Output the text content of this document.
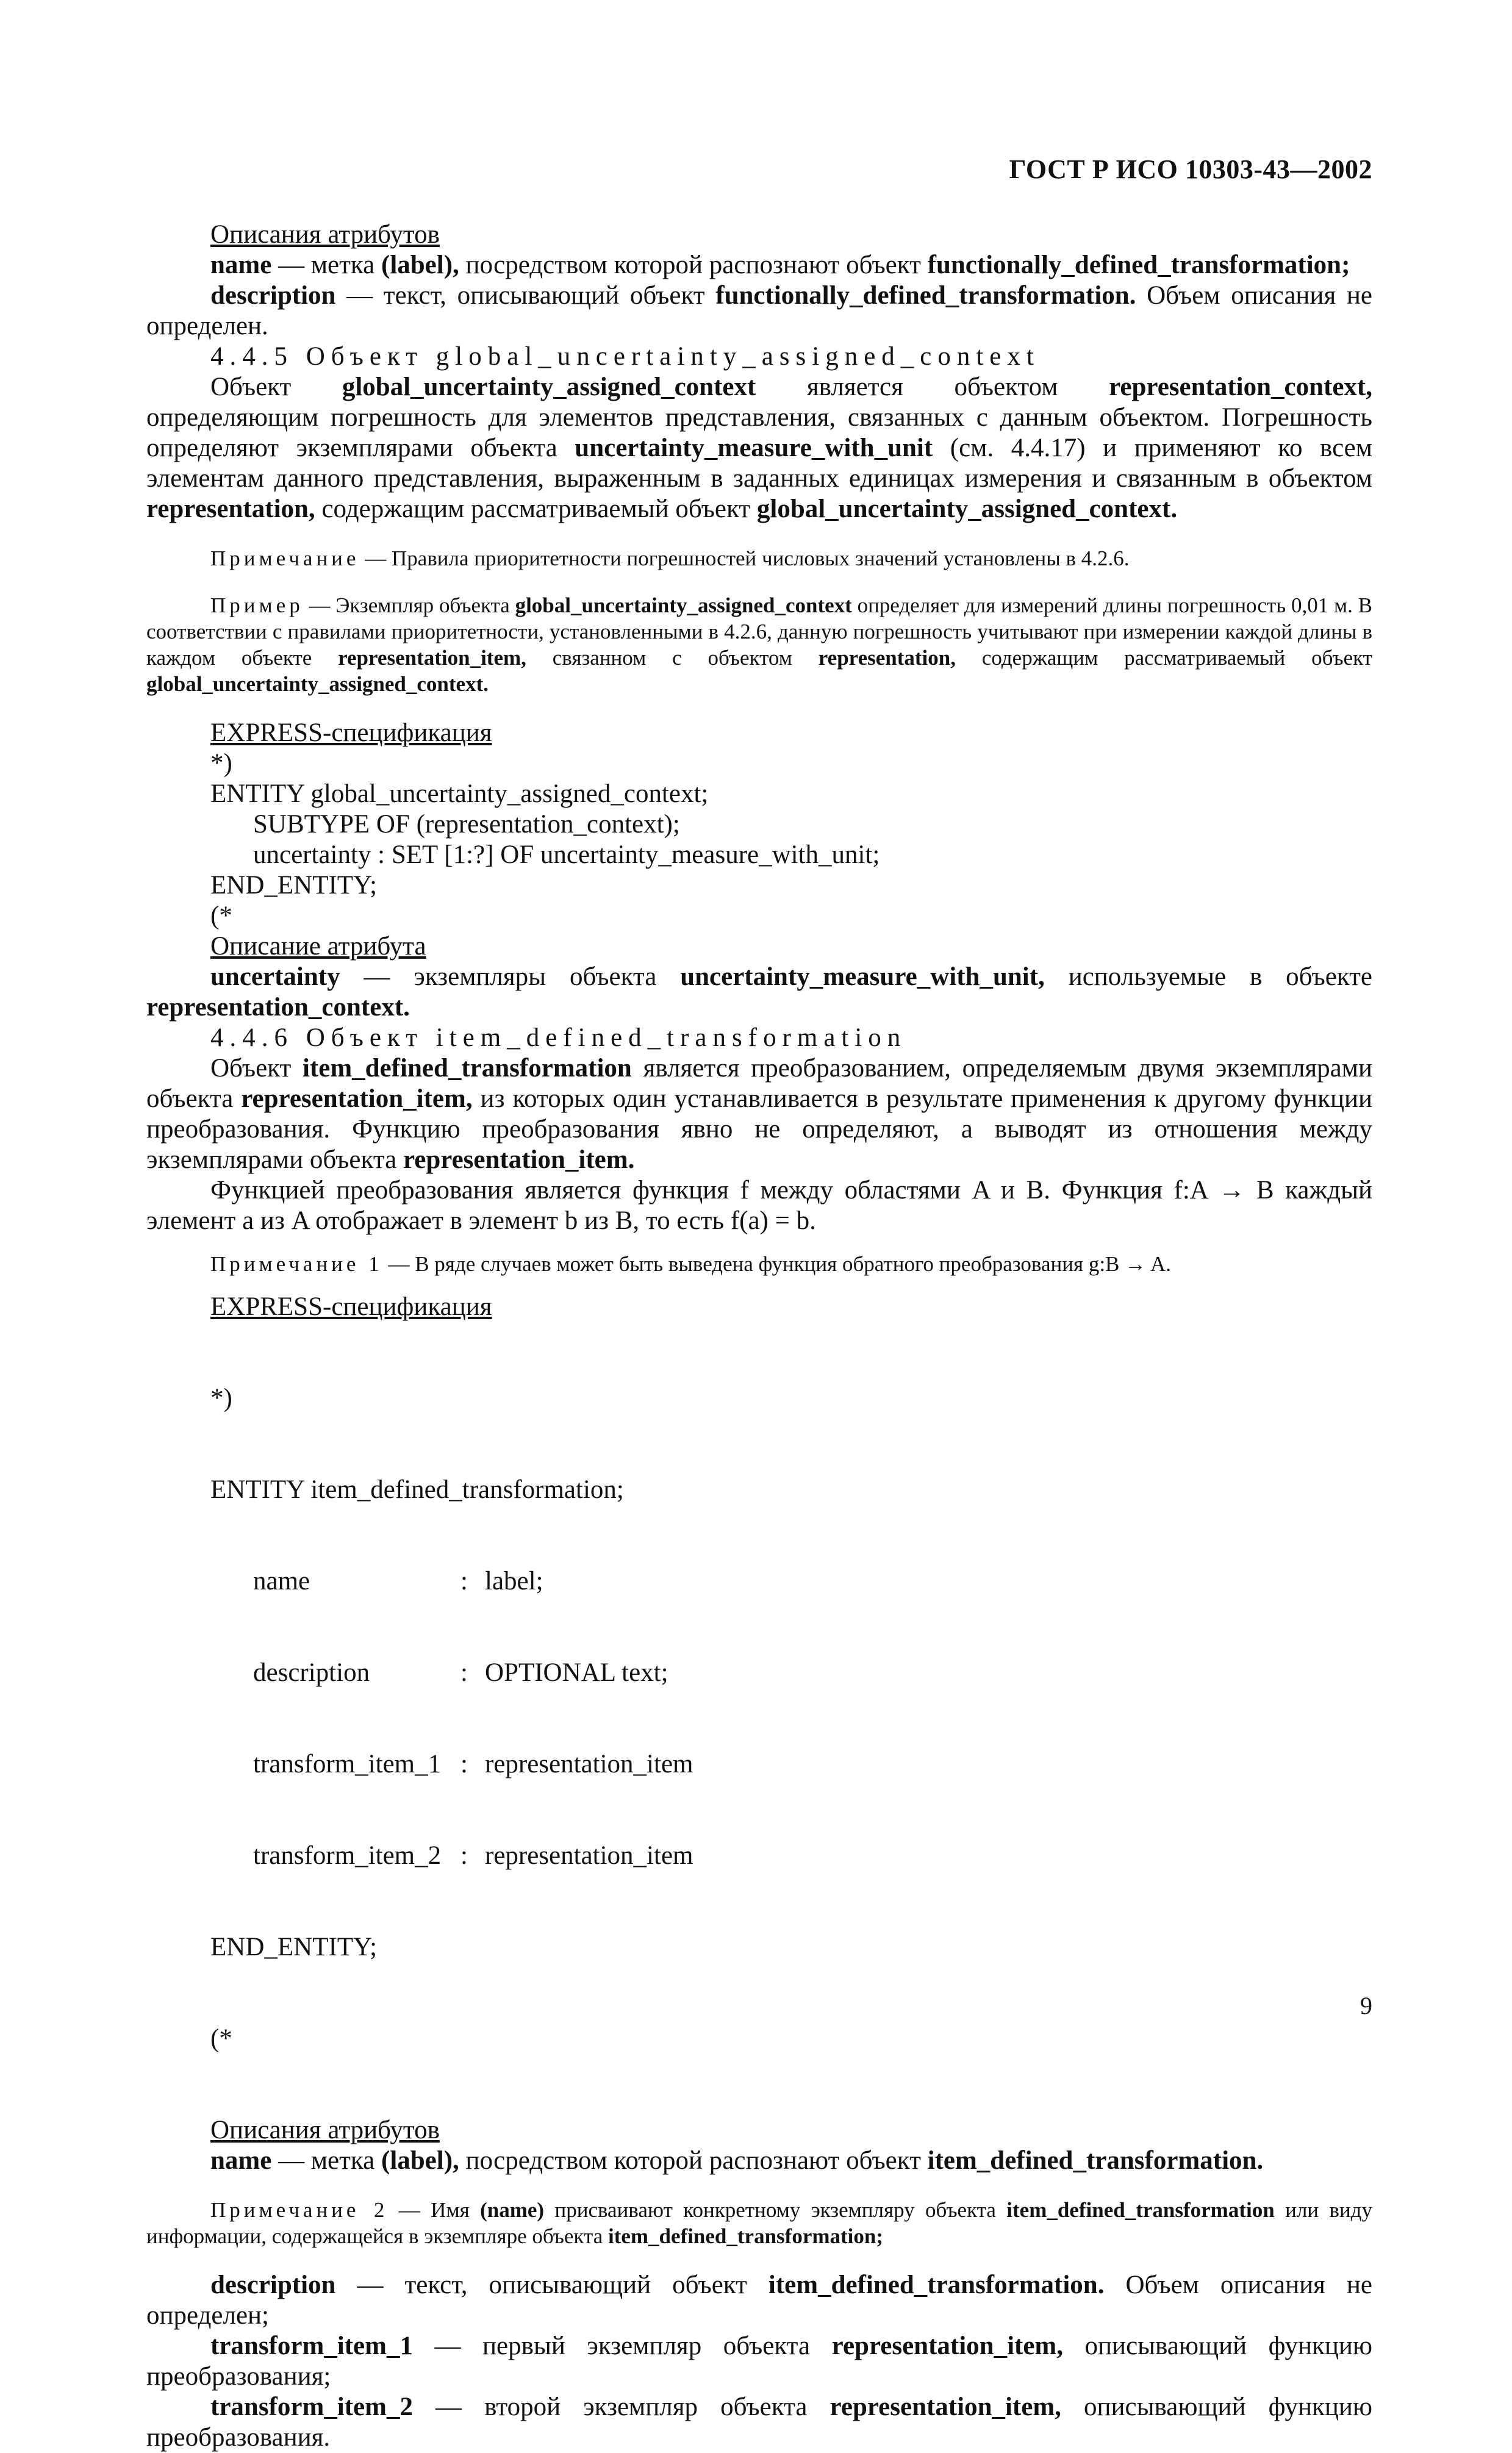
ГОСТ Р ИСО 10303-43—2002
Описания атрибутов
name — метка (label), посредством которой распознают объект functionally_defined_transformation;
description — текст, описывающий объект functionally_defined_transformation. Объем описания не определен.
4.4.5 Объект global_uncertainty_assigned_context
Объект global_uncertainty_assigned_context является объектом representation_context, определяющим погрешность для элементов представления, связанных с данным объектом. Погрешность определяют экземплярами объекта uncertainty_measure_with_unit (см. 4.4.17) и применяют ко всем элементам данного представления, выраженным в заданных единицах измерения и связанным в объектом representation, содержащим рассматриваемый объект global_uncertainty_assigned_context.
Примечание — Правила приоритетности погрешностей числовых значений установлены в 4.2.6.
Пример — Экземпляр объекта global_uncertainty_assigned_context определяет для измерений длины погрешность 0,01 м. В соответствии с правилами приоритетности, установленными в 4.2.6, данную погрешность учитывают при измерении каждой длины в каждом объекте representation_item, связанном с объектом representation, содержащим рассматриваемый объект global_uncertainty_assigned_context.
EXPRESS-спецификация
*)
ENTITY global_uncertainty_assigned_context;
SUBTYPE OF (representation_context);
uncertainty : SET [1:?] OF uncertainty_measure_with_unit;
END_ENTITY;
(*
Описание атрибута
uncertainty — экземпляры объекта uncertainty_measure_with_unit, используемые в объекте representation_context.
4.4.6 Объект item_defined_transformation
Объект item_defined_transformation является преобразованием, определяемым двумя экземплярами объекта representation_item, из которых один устанавливается в результате применения к другому функции преобразования. Функцию преобразования явно не определяют, а выводят из отношения между экземплярами объекта representation_item.
Функцией преобразования является функция f между областями A и B. Функция f:A → B каждый элемент a из A отображает в элемент b из B, то есть f(a) = b.
Примечание 1 — В ряде случаев может быть выведена функция обратного преобразования g:B → A.
EXPRESS-спецификация

*)

ENTITY item_defined_transformation;

name	: label;

description	: OPTIONAL text;

transform_item_1 : representation_item

transform_item_2 : representation_item

END_ENTITY;

(*

Описания атрибутов
name — метка (label), посредством которой распознают объект item_defined_transformation.
Примечание 2 — Имя (name) присваивают конкретному экземпляру объекта item_defined_transformation или виду информации, содержащейся в экземпляре объекта item_defined_transformation;
description — текст, описывающий объект item_defined_transformation. Объем описания не определен;
transform_item_1 — первый экземпляр объекта representation_item, описывающий функцию преобразования;
transform_item_2 — второй экземпляр объекта representation_item, описывающий функцию преобразования.
9
